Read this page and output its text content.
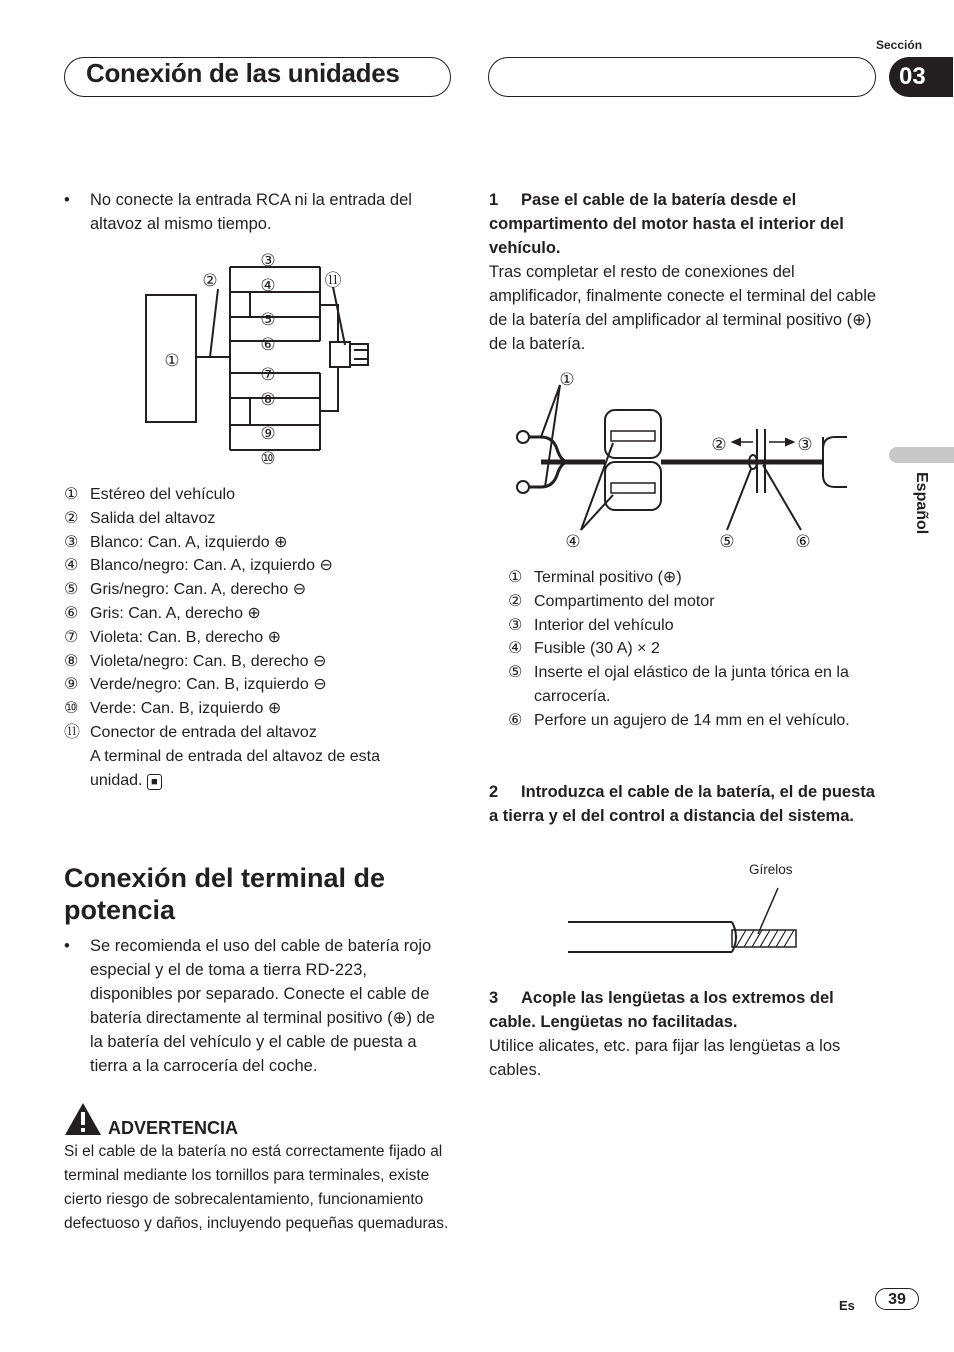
Conexión de las unidades
Sección
03
Español
• No conecte la entrada RCA ni la entrada del altavoz al mismo tiempo.
①
②
③
④
⑤
⑥
⑦
⑧
⑨
⑩
⑪
① Estéreo del vehículo
② Salida del altavoz
③ Blanco: Can. A, izquierdo ⊕
④ Blanco/negro: Can. A, izquierdo ⊖
⑤ Gris/negro: Can. A, derecho ⊖
⑥ Gris: Can. A, derecho ⊕
⑦ Violeta: Can. B, derecho ⊕
⑧ Violeta/negro: Can. B, derecho ⊖
⑨ Verde/negro: Can. B, izquierdo ⊖
⑩ Verde: Can. B, izquierdo ⊕
⑪ Conector de entrada del altavoz
A terminal de entrada del altavoz de esta
unidad. ■
Conexión del terminal de
potencia
• Se recomienda el uso del cable de batería rojo especial y el de toma a tierra RD-223, disponibles por separado. Conecte el cable de batería directamente al terminal positivo (⊕) de la batería del vehículo y el cable de puesta a tierra a la carrocería del coche.
ADVERTENCIA
Si el cable de la batería no está correctamente fijado al terminal mediante los tornillos para terminales, existe cierto riesgo de sobrecalentamiento, funcionamiento defectuoso y daños, incluyendo pequeñas quemaduras.
1 Pase el cable de la batería desde el compartimento del motor hasta el interior del vehículo.
Tras completar el resto de conexiones del amplificador, finalmente conecte el terminal del cable de la batería del amplificador al terminal positivo (⊕) de la batería.
①
②	③
④	⑤	⑥
① Terminal positivo (⊕)
② Compartimento del motor
③ Interior del vehículo
④ Fusible (30 A) × 2
⑤ Inserte el ojal elástico de la junta tórica en la carrocería.
⑥ Perfore un agujero de 14 mm en el vehículo.
2 Introduzca el cable de la batería, el de puesta a tierra y el del control a distancia del sistema.
Gírelos
3 Acople las lengüetas a los extremos del cable. Lengüetas no facilitadas.
Utilice alicates, etc. para fijar las lengüetas a los cables.
Es	39
